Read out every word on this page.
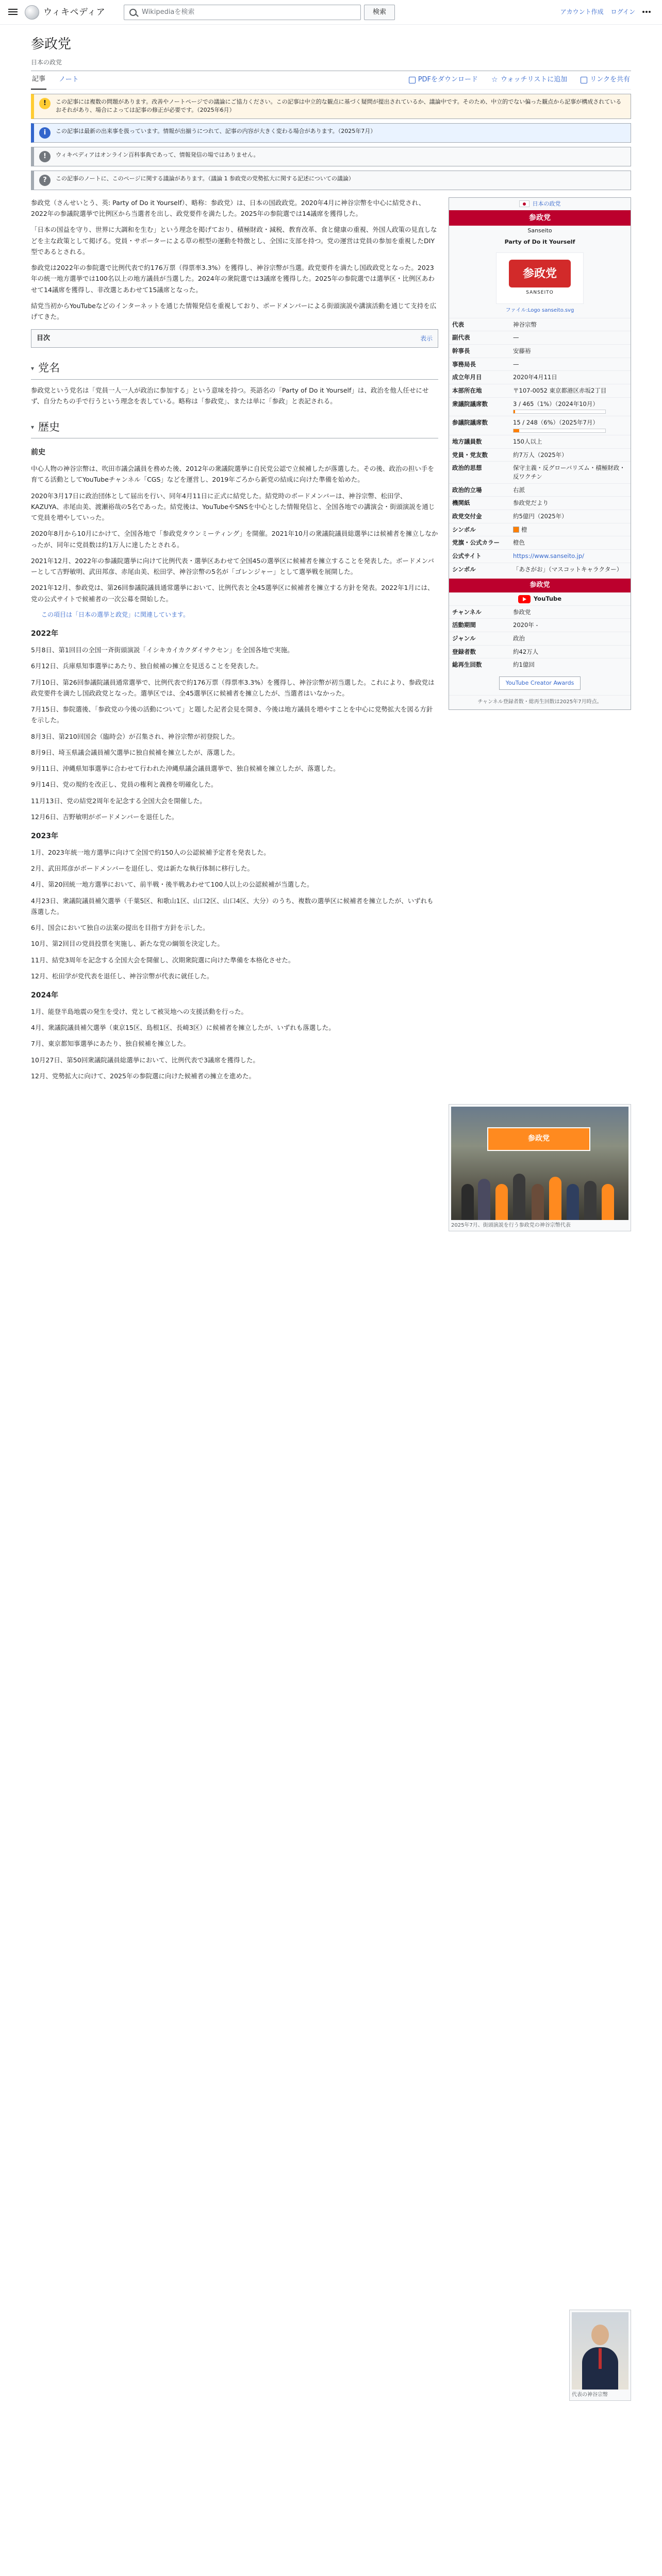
ウィキペディア	Wikipediaを検索	検索	アカウント作成 ログイン
参政党
日本の政党
記事 ノート	PDFをダウンロード ☆ ウォッチリストに追加	リンクを共有
!	この記事には複数の問題があります。改善やノートページでの議論にご協力ください。この記事は中立的な観点に基づく疑問が提出されているか、議論中です。そのため、中立的でない偏った観点から記事が構成されているおそれがあり、場合によっては記事の修正が必要です。（2025年6月）
i	この記事は最新の出来事を扱っています。情報が出揃うにつれて、記事の内容が大きく変わる場合があります。（2025年7月）
!	ウィキペディアはオンライン百科事典であって、情報発信の場ではありません。
?	この記事のノートに、このページに関する議論があります。（議論 1 参政党の党勢拡大に関する記述についての議論）
日本の政党
参政党
Sanseito
Party of Do it Yourself
参政党
SANSEITO
ファイル:Logo sanseito.svg
代表	神谷宗幣
副代表	—
幹事長	安藤裕
事務局長	—
成立年月日	2020年4月11日
本部所在地	〒107-0052 東京都港区赤坂2丁目
衆議院議席数	3 / 465（1%）（2024年10月）

参議院議席数	15 / 248（6%）（2025年7月）

地方議員数	150人以上
党員・党友数	約7万人（2025年）
政治的思想	保守主義・反グローバリズム・積極財政・反ワクチン
政治的立場	右派
機関紙	参政党だより
政党交付金	約5億円（2025年）
シンボル	橙
党旗・公式カラー	橙色
公式サイト	https://www.sanseito.jp/
シンボル	「あさがお」（マスコットキャラクター）
参政党
YouTube
チャンネル	参政党
活動期間	2020年 -
ジャンル	政治
登録者数	約42万人
総再生回数	約1億回
YouTube Creator Awards
チャンネル登録者数・総再生回数は2025年7月時点。
参政党
2025年7月、街頭演説を行う参政党の神谷宗幣代表
代表の神谷宗幣

参政党（さんせいとう、英: Party of Do it Yourself）、略称：参政党）は、日本の国政政党。2020年4月に神谷宗幣を中心に結党され、2022年の参議院選挙で比例区から当選者を出し、政党要件を満たした。2025年の参院選では14議席を獲得した。

「日本の国益を守り、世界に大調和を生む」という理念を掲げており、積極財政・減税、教育改革、食と健康の重視、外国人政策の見直しなどを主な政策として掲げる。党員・サポーターによる草の根型の運動を特徴とし、全国に支部を持つ。党の運営は党員の参加を重視したDIY型であるとされる。

参政党は2022年の参院選で比例代表で約176万票（得票率3.3%）を獲得し、神谷宗幣が当選。政党要件を満たし国政政党となった。2023年の統一地方選挙では100名以上の地方議員が当選した。2024年の衆院選では3議席を獲得した。2025年の参院選では選挙区・比例区あわせて14議席を獲得し、非改選とあわせて15議席となった。

結党当初からYouTubeなどのインターネットを通じた情報発信を重視しており、ボードメンバーによる街頭演説や講演活動を通じて支持を広げてきた。

目次	表示
▾ 党名

参政党という党名は「党員一人一人が政治に参加する」という意味を持つ。英語名の「Party of Do it Yourself」は、政治を他人任せにせず、自分たちの手で行うという理念を表している。略称は「参政党」、または単に「参政」と表記される。

▾ 歴史
前史

中心人物の神谷宗幣は、吹田市議会議員を務めた後、2012年の衆議院選挙に自民党公認で立候補したが落選した。その後、政治の担い手を育てる活動としてYouTubeチャンネル「CGS」などを運営し、2019年ごろから新党の結成に向けた準備を始めた。

2020年3月17日に政治団体として届出を行い、同年4月11日に正式に結党した。結党時のボードメンバーは、神谷宗幣、松田学、KAZUYA、赤尾由美、渡瀬裕哉の5名であった。結党後は、YouTubeやSNSを中心とした情報発信と、全国各地での講演会・街頭演説を通じて党員を増やしていった。

2020年8月から10月にかけて、全国各地で「参政党タウンミーティング」を開催。2021年10月の衆議院議員総選挙には候補者を擁立しなかったが、同年に党員数は約1万人に達したとされる。

2021年12月、2022年の参議院選挙に向けて比例代表・選挙区あわせて全国45の選挙区に候補者を擁立することを発表した。ボードメンバーとして吉野敏明、武田邦彦、赤尾由美、松田学、神谷宗幣の5名が「ゴレンジャー」として選挙戦を展開した。

2021年12月、参政党は、第26回参議院議員通常選挙において、比例代表と全45選挙区に候補者を擁立する方針を発表。2022年1月には、党の公式サイトで候補者の一次公募を開始した。

この項目は「日本の選挙と政党」に関連しています。

2022年

5月8日、第1回目の全国一斉街頭演説「イシキカイカクダイサクセン」を全国各地で実施。

6月12日、兵庫県知事選挙にあたり、独自候補の擁立を見送ることを発表した。

7月10日、第26回参議院議員通常選挙で、比例代表で約176万票（得票率3.3%）を獲得し、神谷宗幣が初当選した。これにより、参政党は政党要件を満たし国政政党となった。選挙区では、全45選挙区に候補者を擁立したが、当選者はいなかった。

7月15日、参院選後、「参政党の今後の活動について」と題した記者会見を開き、今後は地方議員を増やすことを中心に党勢拡大を図る方針を示した。

8月3日、第210回国会（臨時会）が召集され、神谷宗幣が初登院した。

8月9日、埼玉県議会議員補欠選挙に独自候補を擁立したが、落選した。

9月11日、沖縄県知事選挙に合わせて行われた沖縄県議会議員選挙で、独自候補を擁立したが、落選した。

9月14日、党の規約を改正し、党員の権利と義務を明確化した。

11月13日、党の結党2周年を記念する全国大会を開催した。

12月6日、吉野敏明がボードメンバーを退任した。

2023年

1月、2023年統一地方選挙に向けて全国で約150人の公認候補予定者を発表した。

2月、武田邦彦がボードメンバーを退任し、党は新たな執行体制に移行した。

4月、第20回統一地方選挙において、前半戦・後半戦あわせて100人以上の公認候補が当選した。

4月23日、衆議院議員補欠選挙（千葉5区、和歌山1区、山口2区、山口4区、大分）のうち、複数の選挙区に候補者を擁立したが、いずれも落選した。

6月、国会において独自の法案の提出を目指す方針を示した。

10月、第2回目の党員投票を実施し、新たな党の綱領を決定した。

11月、結党3周年を記念する全国大会を開催し、次期衆院選に向けた準備を本格化させた。

12月、松田学が党代表を退任し、神谷宗幣が代表に就任した。

2024年

1月、能登半島地震の発生を受け、党として被災地への支援活動を行った。

4月、衆議院議員補欠選挙（東京15区、島根1区、長崎3区）に候補者を擁立したが、いずれも落選した。

7月、東京都知事選挙にあたり、独自候補を擁立した。

10月27日、第50回衆議院議員総選挙において、比例代表で3議席を獲得した。

12月、党勢拡大に向けて、2025年の参院選に向けた候補者の擁立を進めた。
